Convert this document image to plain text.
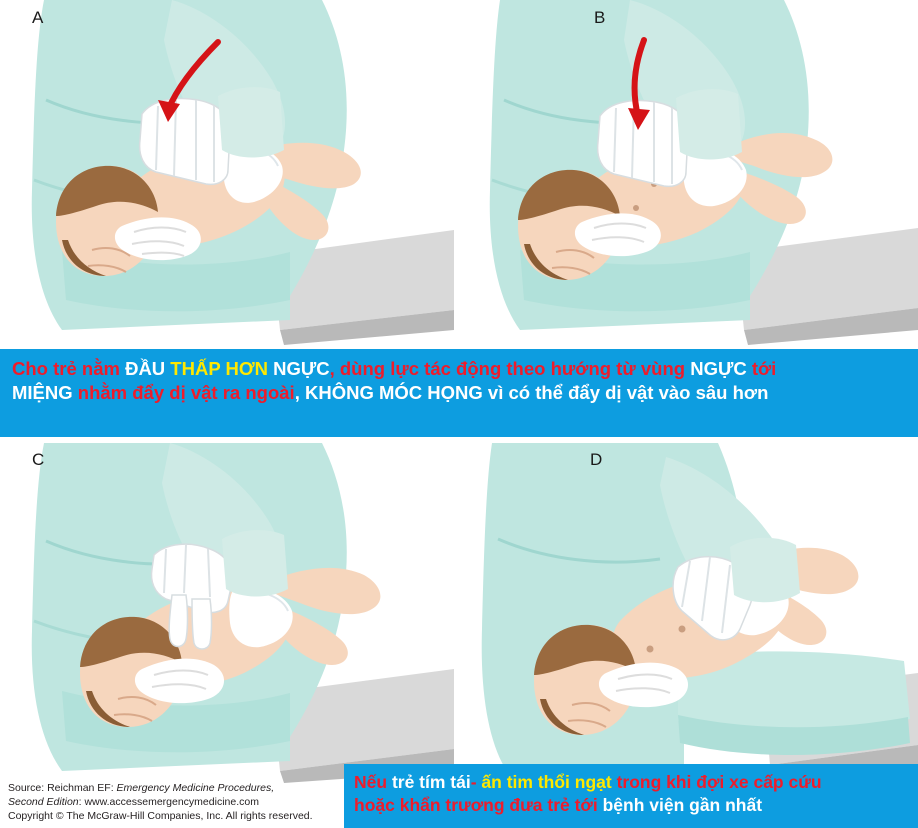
A	B
Cho trẻ nằm ĐẦU THẤP HƠN NGỰC, dùng lực tác động theo hướng từ vùng NGỰC tới
MIỆNG nhằm đẩy dị vật ra ngoài, KHÔNG MÓC HỌNG vì có thể đẩy dị vật vào sâu hơn
C	D
Nếu trẻ tím tái- ấn tim thổi ngạt trong khi đợi xe cấp cứu
hoặc khẩn trương đưa trẻ tới bệnh viện gần nhất
Source: Reichman EF: Emergency Medicine Procedures,
Second Edition: www.accessemergencymedicine.com
Copyright © The McGraw-Hill Companies, Inc. All rights reserved.
